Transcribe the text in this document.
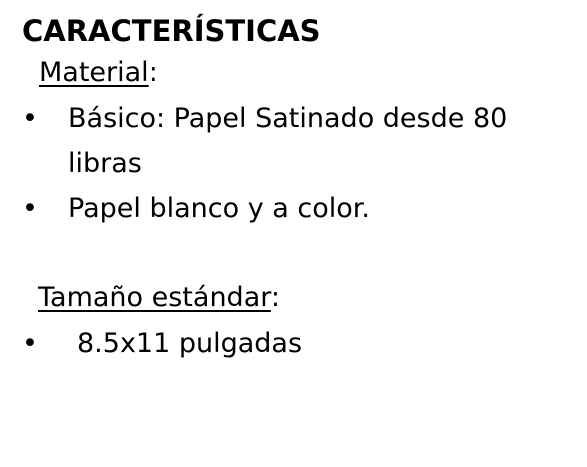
CARACTERÍSTICAS
Material:
• Básico: Papel Satinado desde 80 libras
• Papel blanco y a color.
Tamaño estándar:
• 8.5x11 pulgadas
